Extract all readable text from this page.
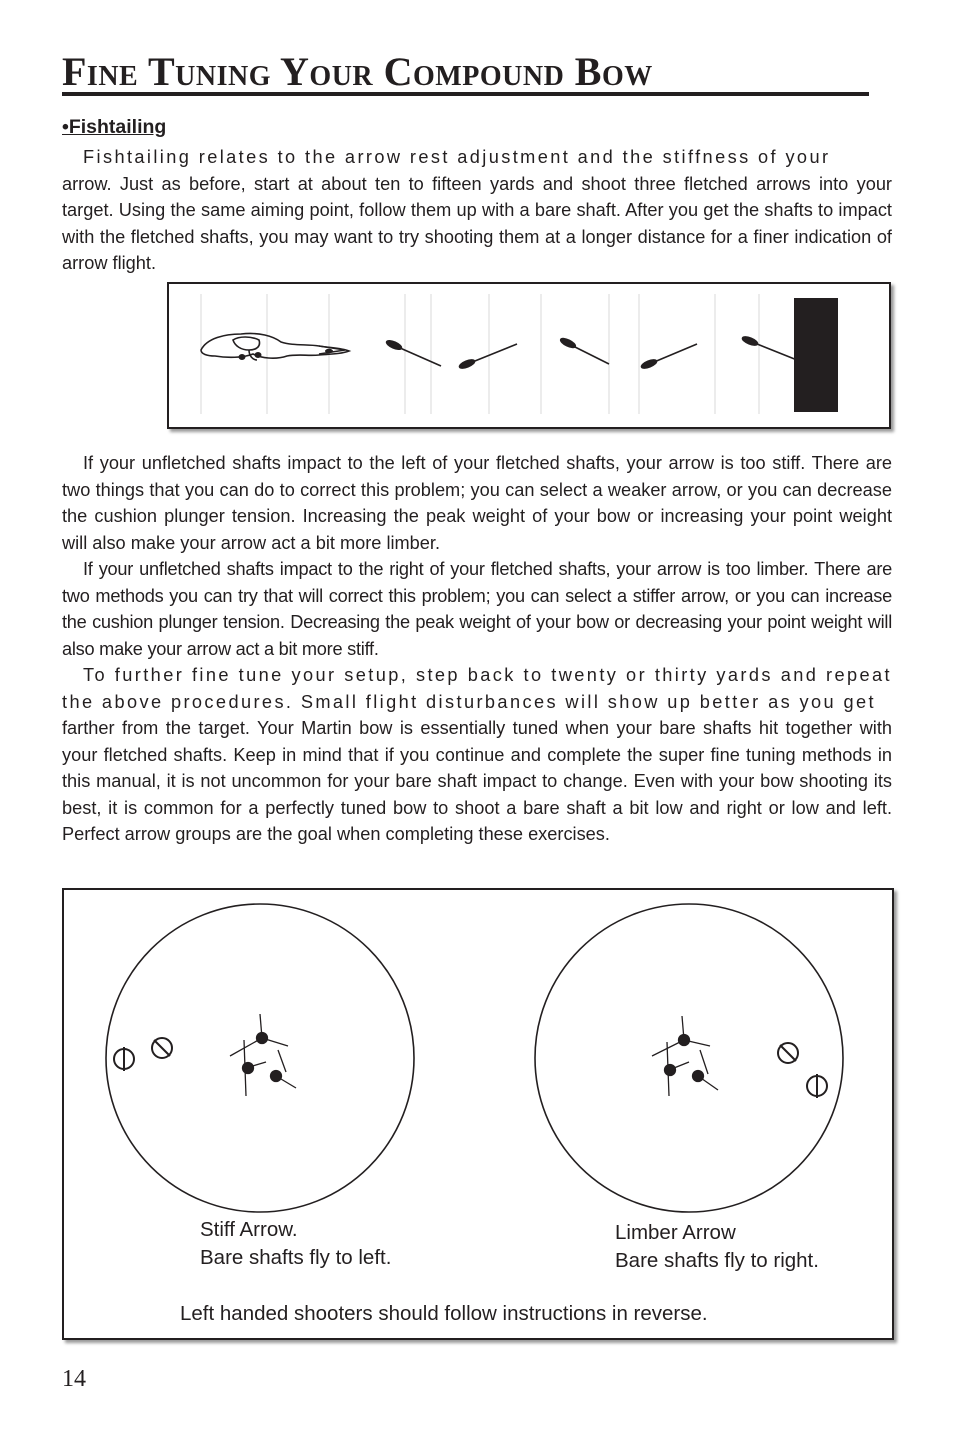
Fine Tuning Your Compound Bow
•Fishtailing

Fishtailing relates to the arrow rest adjustment and the stiffness of your

arrow. Just as before, start at about ten to fifteen yards and shoot three fletched arrows into your target. Using the same aiming point, follow them up with a bare shaft. After you get the shafts to impact with the fletched shafts, you may want to try shooting them at a longer distance for a finer indication of arrow flight.

If your unfletched shafts impact to the left of your fletched shafts, your arrow is too stiff. There are two things that you can do to correct this problem; you can select a weaker arrow, or you can decrease the cushion plunger tension. Increasing the peak weight of your bow or increasing your point weight will also make your arrow act a bit more limber.

If your unfletched shafts impact to the right of your fletched shafts, your arrow is too limber. There are two methods you can try that will correct this problem; you can select a stiffer arrow, or you can increase the cushion plunger tension. Decreasing the peak weight of your bow or decreasing your point weight will also make your arrow act a bit more stiff.

To further fine tune your setup, step back to twenty or thirty yards and repeat the above procedures. Small flight disturbances will show up better as you get

farther from the target. Your Martin bow is essentially tuned when your bare shafts hit together with your fletched shafts. Keep in mind that if you continue and complete the super fine tuning methods in this manual, it is not uncommon for your bare shaft impact to change. Even with your bow shooting its best, it is common for a perfectly tuned bow to shoot a bare shaft a bit low and right or low and left. Perfect arrow groups are the goal when completing these exercises.

Stiff Arrow.
Bare shafts fly to left.
Limber Arrow
Bare shafts fly to right.
Left handed shooters should follow instructions in reverse.
14
